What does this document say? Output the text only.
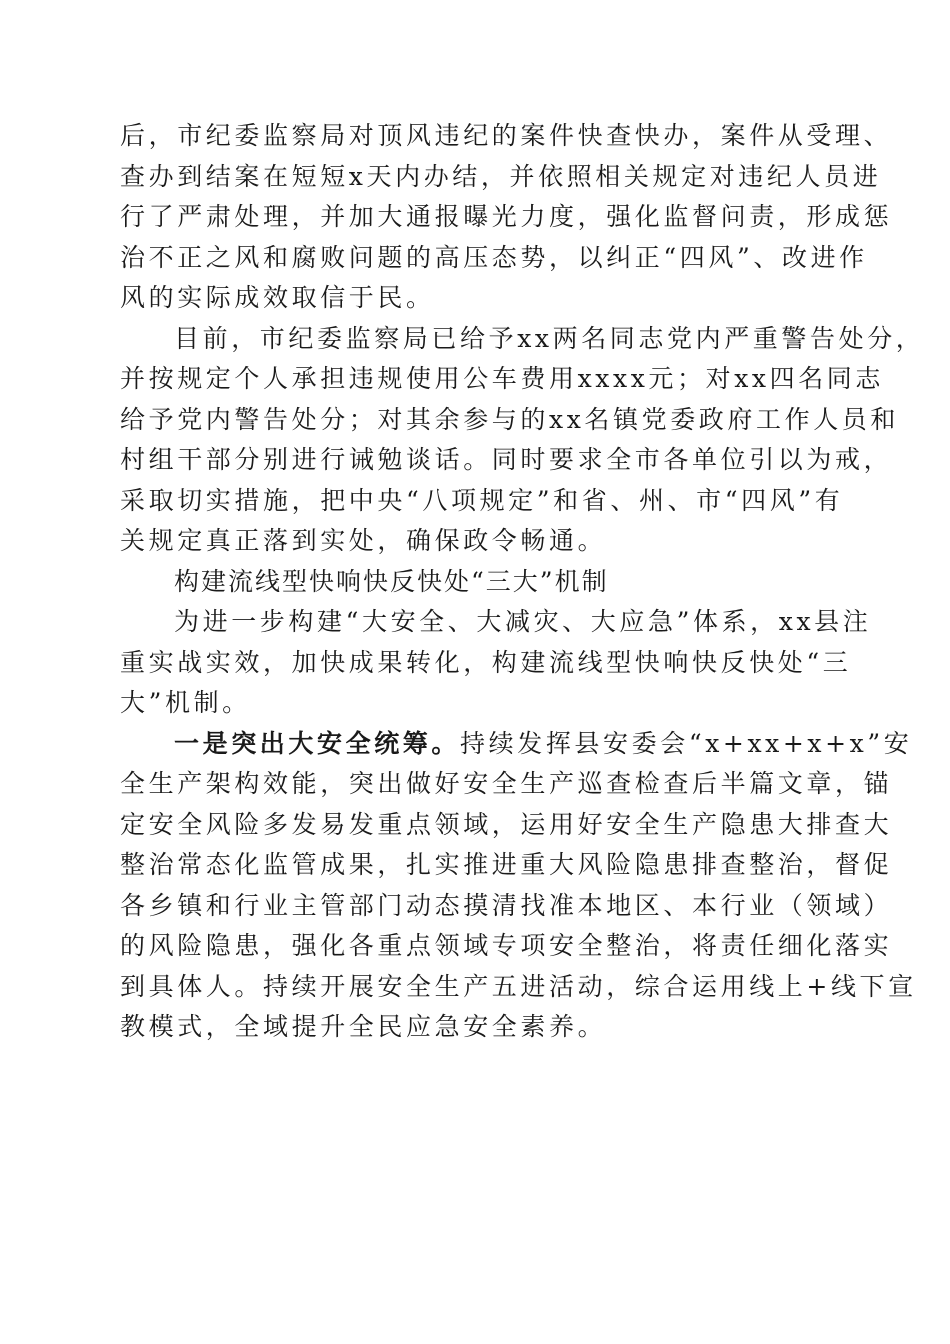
后，市纪委监察局对顶风违纪的案件快查快办，案件从受理、
查办到结案在短短x天内办结，并依照相关规定对违纪人员进
行了严肃处理，并加大通报曝光力度，强化监督问责，形成惩
治不正之风和腐败问题的高压态势，以纠正“四风”、改进作
风的实际成效取信于民。
目前，市纪委监察局已给予xx两名同志党内严重警告处分，
并按规定个人承担违规使用公车费用xxxx元；对xx四名同志
给予党内警告处分；对其余参与的xx名镇党委政府工作人员和
村组干部分别进行诫勉谈话。同时要求全市各单位引以为戒，
采取切实措施，把中央“八项规定”和省、州、市“四风”有
关规定真正落到实处，确保政令畅通。
构建流线型快响快反快处“三大”机制
为进一步构建“大安全、大减灾、大应急”体系，xx县注
重实战实效，加快成果转化，构建流线型快响快反快处“三
大”机制。
一是突出大安全统筹。持续发挥县安委会“x+xx+x+x”安
全生产架构效能，突出做好安全生产巡查检查后半篇文章，锚
定安全风险多发易发重点领域，运用好安全生产隐患大排查大
整治常态化监管成果，扎实推进重大风险隐患排查整治，督促
各乡镇和行业主管部门动态摸清找准本地区、本行业（领域）
的风险隐患，强化各重点领域专项安全整治，将责任细化落实
到具体人。持续开展安全生产五进活动，综合运用线上+线下宣
教模式，全域提升全民应急安全素养。
